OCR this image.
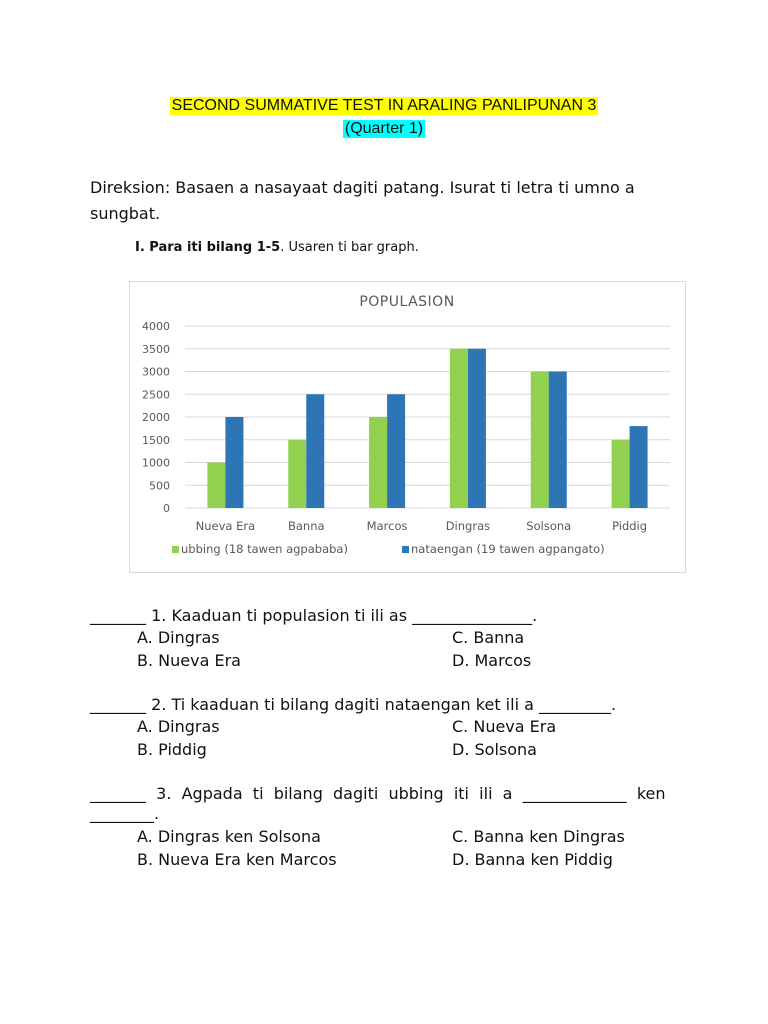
SECOND SUMMATIVE TEST IN ARALING PANLIPUNAN 3
(Quarter 1)
Direksion: Basaen a nasayaat dagiti patang. Isurat ti letra ti umno a
sungbat.
I. Para iti bilang 1-5. Usaren ti bar graph.
POPULASION
0
500
1000
1500
2000
2500
3000
3500
4000
Nueva Era	Banna	Marcos	Dingras	Solsona	Piddig
ubbing (18 tawen agpababa)	nataengan (19 tawen agpangato)
_______ 1. Kaaduan ti populasion ti ili as _______________.
A. Dingras	C. Banna
B. Nueva Era	D. Marcos
_______ 2. Ti kaaduan ti bilang dagiti nataengan ket ili a _________.
A. Dingras	C. Nueva Era
B. Piddig	D. Solsona
_______  3.  Agpada  ti  bilang  dagiti  ubbing  iti  ili  a  _____________  ken
________.
A. Dingras ken Solsona	C. Banna ken Dingras
B. Nueva Era ken Marcos	D. Banna ken Piddig
